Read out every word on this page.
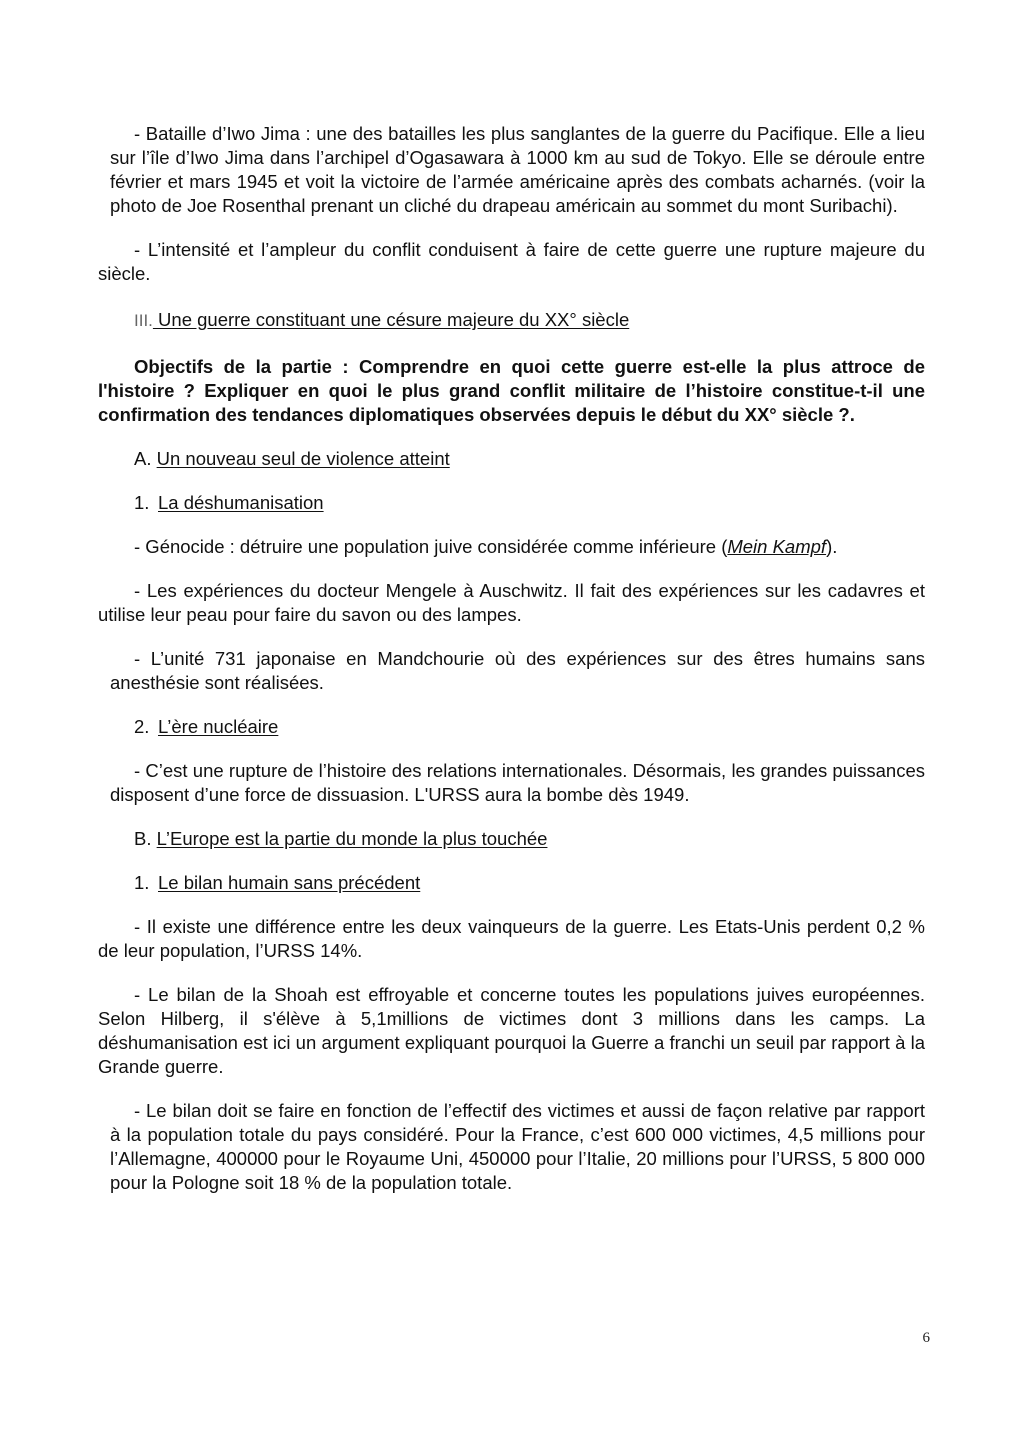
- Bataille d’Iwo Jima : une des batailles les plus sanglantes de la guerre du Pacifique. Elle a lieu sur l’île d’Iwo Jima dans l’archipel d’Ogasawara à 1000 km au sud de Tokyo. Elle se déroule entre février et mars 1945 et voit la victoire de l’armée américaine après des combats acharnés. (voir la photo de Joe Rosenthal prenant un cliché du drapeau américain au sommet du mont Suribachi).

- L’intensité et l’ampleur du conflit conduisent à faire de cette guerre une rupture majeure du siècle.

III. Une guerre constituant une césure majeure du XX° siècle

Objectifs de la partie : Comprendre en quoi cette guerre est-elle la plus attroce de l'histoire ? Expliquer en quoi le plus grand conflit militaire de l’histoire constitue-t-il une confirmation des tendances diplomatiques observées depuis le début du XX° siècle ?.

A. Un nouveau seul de violence atteint

1. La déshumanisation

- Génocide : détruire une population juive considérée comme inférieure (Mein Kampf).

- Les expériences du docteur Mengele à Auschwitz. Il fait des expériences sur les cadavres et utilise leur peau pour faire du savon ou des lampes.

- L’unité 731 japonaise en Mandchourie où des expériences sur des êtres humains sans anesthésie sont réalisées.

2. L’ère nucléaire

- C’est une rupture de l’histoire des relations internationales. Désormais, les grandes puissances disposent d’une force de dissuasion. L'URSS aura la bombe dès 1949.

B. L’Europe est la partie du monde la plus touchée

1. Le bilan humain sans précédent

- Il existe une différence entre les deux vainqueurs de la guerre. Les Etats-Unis perdent 0,2 % de leur population, l’URSS 14%.

- Le bilan de la Shoah est effroyable et concerne toutes les populations juives européennes. Selon Hilberg, il s'élève à 5,1millions de victimes dont 3 millions dans les camps. La déshumanisation est ici un argument expliquant pourquoi la Guerre a franchi un seuil par rapport à la Grande guerre.

- Le bilan doit se faire en fonction de l’effectif des victimes et aussi de façon relative par rapport à la population totale du pays considéré. Pour la France, c’est 600 000 victimes, 4,5 millions pour l’Allemagne, 400000 pour le Royaume Uni, 450000 pour l’Italie, 20 millions pour l’URSS, 5 800 000 pour la Pologne soit 18 % de la population totale.

6
